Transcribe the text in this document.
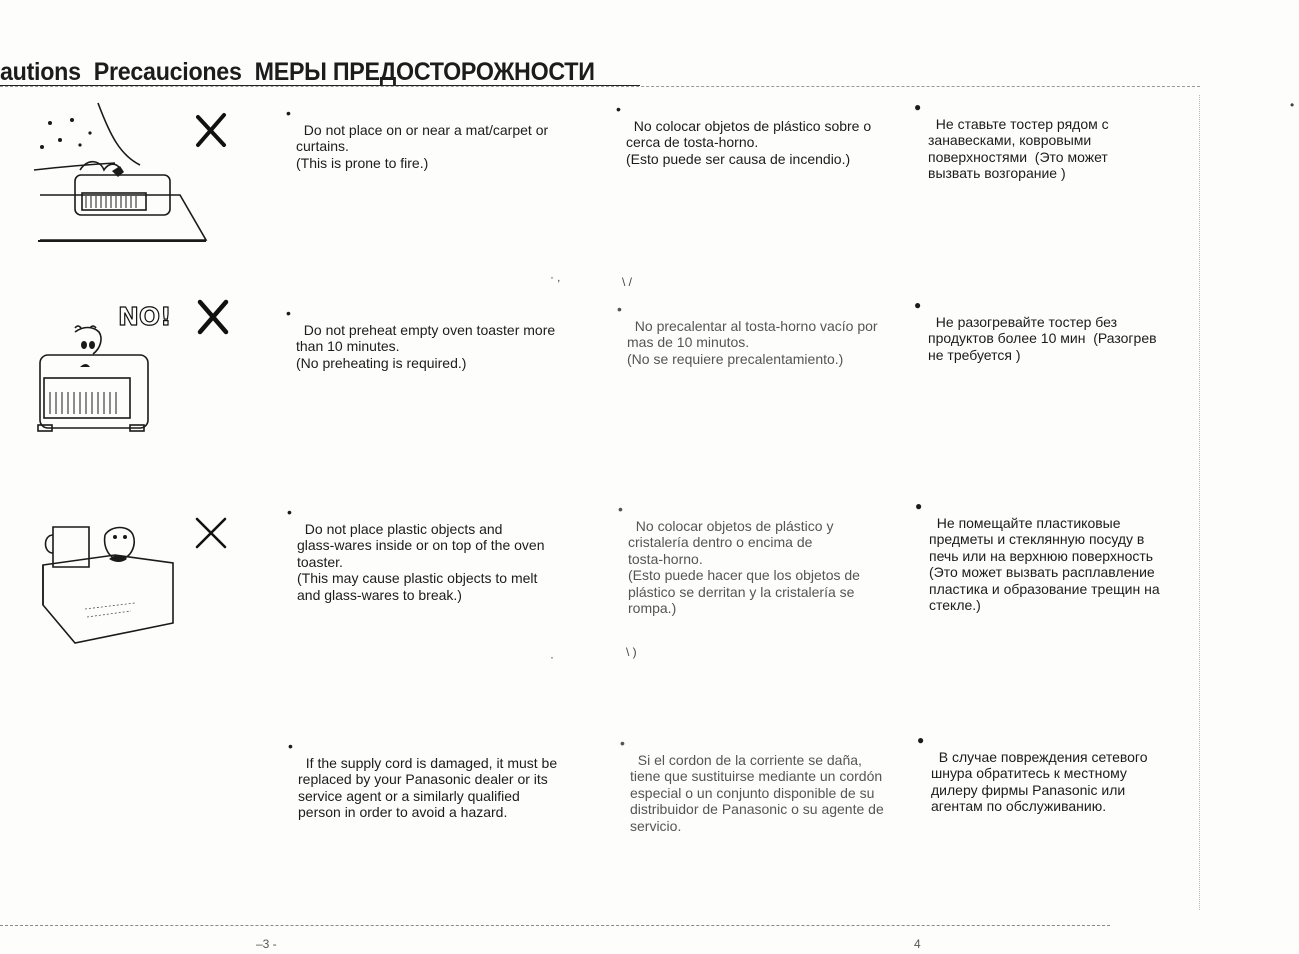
autions Precauciones МЕРЫ ПРЕДОСТОРОЖНОСТИ
NO!
· ‚	\ /
·	\ )
•

•
Do not place on or near a mat/carpet or
curtains.
(This is prone to fire.)

•
No colocar objetos de plástico sobre o
cerca de tosta-horno.
(Esto puede ser causa de incendio.)

●
Не ставьте тостер рядом с
занавесками, ковровыми
поверхностями  (Это может
вызвать возгорание )

•
Do not preheat empty oven toaster more
than 10 minutes.
(No preheating is required.)

•
No precalentar al tosta-horno vacío por
mas de 10 minutos.
(No se requiere precalentamiento.)

●
Не разогревайте тостер без
продуктов более 10 мин  (Разогрев
не требуется )

•
Do not place plastic objects and
glass-wares inside or on top of the oven
toaster.
(This may cause plastic objects to melt
and glass-wares to break.)

•
No colocar objetos de plástico y
cristalería dentro o encima de
tosta-horno.
(Esto puede hacer que los objetos de
plástico se derritan y la cristalería se
rompa.)

●
Не помещайте пластиковые
предметы и стеклянную посуду в
печь или на верхнюю поверхность
(Это может вызвать расплавление
пластика и образование трещин на
стекле.)

•
If the supply cord is damaged, it must be
replaced by your Panasonic dealer or its
service agent or a similarly qualified
person in order to avoid a hazard.

•
Si el cordon de la corriente se daña,
tiene que sustituirse mediante un cordón
especial o un conjunto disponible de su
distribuidor de Panasonic o su agente de
servicio.

●
В случае повреждения сетевого
шнура обратитесь к местному
дилеру фирмы Panasonic или
агентам по обслуживанию.

–3 -	4
